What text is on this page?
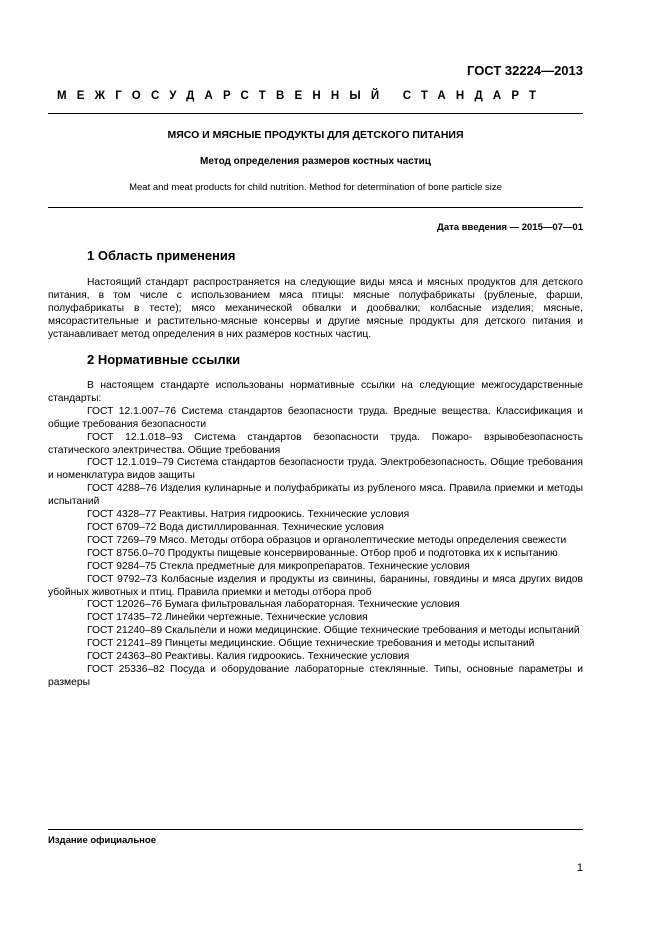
ГОСТ 32224—2013
МЕЖГОСУДАРСТВЕННЫЙ СТАНДАРТ
МЯСО И МЯСНЫЕ ПРОДУКТЫ ДЛЯ ДЕТСКОГО ПИТАНИЯ
Метод определения размеров костных частиц
Meat and meat products for child nutrition. Method for determination of bone particle size
Дата введения — 2015—07—01
1 Область применения

Настоящий стандарт распространяется на следующие виды мяса и мясных продуктов для детского питания, в том числе с использованием мяса птицы: мясные полуфабрикаты (рубленые, фарши, полуфабрикаты в тесте); мясо механической обвалки и дообвалки; колбасные изделия; мясные, мясорастительные и растительно-мясные консервы и другие мясные продукты для детского питания и устанавливает метод определения в них размеров костных частиц.

2 Нормативные ссылки
В настоящем стандарте использованы нормативные ссылки на следующие межгосударственные стандарты:
ГОСТ 12.1.007–76 Система стандартов безопасности труда. Вредные вещества. Классификация и общие требования безопасности
ГОСТ 12.1.018–93 Система стандартов безопасности труда. Пожаро- взрывобезопасность статического электричества. Общие требования
ГОСТ 12.1.019–79 Система стандартов безопасности труда. Электробезопасность. Общие требования и номенклатура видов защиты
ГОСТ 4288–76 Изделия кулинарные и полуфабрикаты из рубленого мяса. Правила приемки и методы испытаний
ГОСТ 4328–77 Реактивы. Натрия гидроокись. Технические условия
ГОСТ 6709–72 Вода дистиллированная. Технические условия
ГОСТ 7269–79 Мясо. Методы отбора образцов и органолептические методы определения свежести
ГОСТ 8756.0–70 Продукты пищевые консервированные. Отбор проб и подготовка их к испытанию
ГОСТ 9284–75 Стекла предметные для микропрепаратов. Технические условия
ГОСТ 9792–73 Колбасные изделия и продукты из свинины, баранины, говядины и мяса других видов убойных животных и птиц. Правила приемки и методы отбора проб
ГОСТ 12026–76 Бумага фильтровальная лабораторная. Технические условия
ГОСТ 17435–72 Линейки чертежные. Технические условия
ГОСТ 21240–89 Скальпели и ножи медицинские. Общие технические требования и методы испытаний
ГОСТ 21241–89 Пинцеты медицинские. Общие технические требования и методы испытаний
ГОСТ 24363–80 Реактивы. Калия гидроокись. Технические условия
ГОСТ 25336–82 Посуда и оборудование лабораторные стеклянные. Типы, основные параметры и размеры
Издание официальное
1
